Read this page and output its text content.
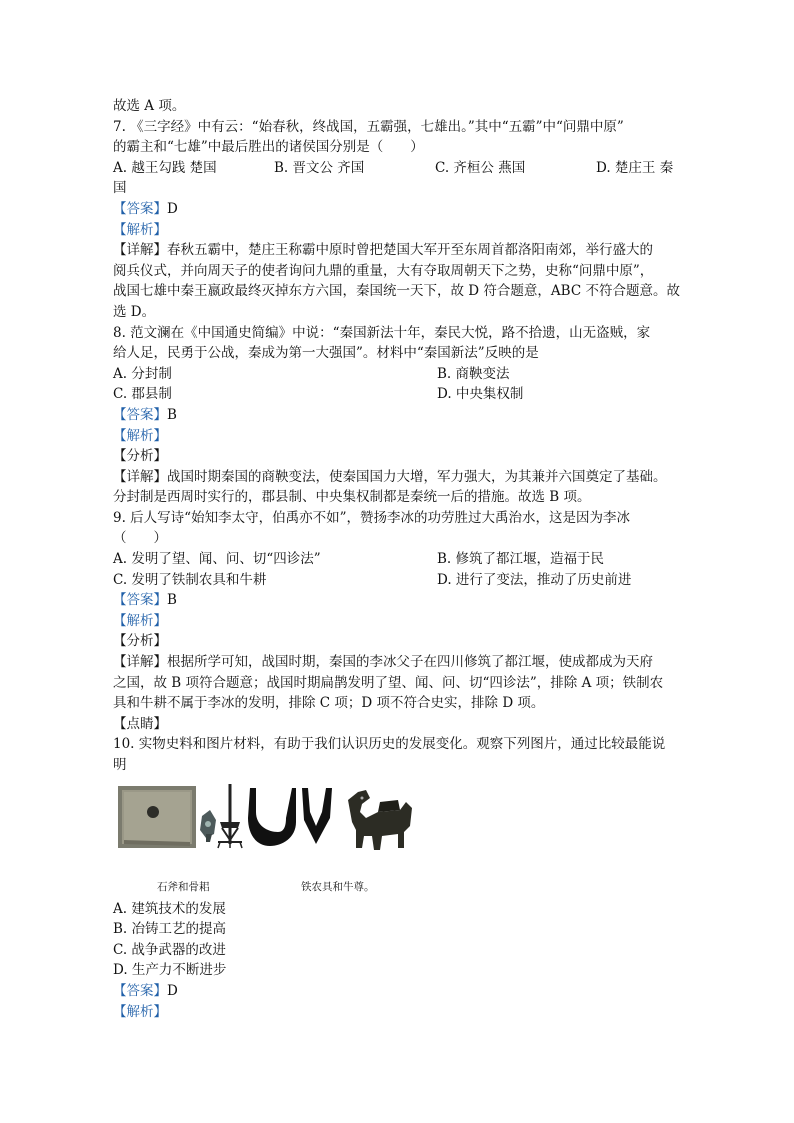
故选 A 项。
7. 《三字经》中有云：“始春秋，终战国，五霸强，七雄出。”其中“五霸”中“问鼎中原”
的霸主和“七雄”中最后胜出的诸侯国分别是（　　）
A. 越王勾践 楚国	B. 晋文公 齐国	C. 齐桓公 燕国	D. 楚庄王 秦
国
【答案】D
【解析】
【详解】春秋五霸中，楚庄王称霸中原时曾把楚国大军开至东周首都洛阳南郊，举行盛大的
阅兵仪式，并向周天子的使者询问九鼎的重量，大有夺取周朝天下之势，史称“问鼎中原”，
战国七雄中秦王嬴政最终灭掉东方六国，秦国统一天下，故 D 符合题意，ABC 不符合题意。故
选 D。
8. 范文澜在《中国通史简编》中说：“秦国新法十年，秦民大悦，路不拾遗，山无盗贼，家
给人足，民勇于公战，秦成为第一大强国”。材料中“秦国新法”反映的是
A. 分封制	B. 商鞅变法
C. 郡县制	D. 中央集权制
【答案】B
【解析】
【分析】
【详解】战国时期秦国的商鞅变法，使秦国国力大增，军力强大，为其兼并六国奠定了基础。
分封制是西周时实行的，郡县制、中央集权制都是秦统一后的措施。故选 B 项。
9. 后人写诗“始知李太守，伯禹亦不如”，赞扬李冰的功劳胜过大禹治水，这是因为李冰
（　　）
A. 发明了望、闻、问、切“四诊法”	B. 修筑了都江堰，造福于民
C. 发明了铁制农具和牛耕	D. 进行了变法，推动了历史前进
【答案】B
【解析】
【分析】
【详解】根据所学可知，战国时期，秦国的李冰父子在四川修筑了都江堰，使成都成为天府
之国，故 B 项符合题意；战国时期扁鹊发明了望、闻、问、切“四诊法”，排除 A 项；铁制农
具和牛耕不属于李冰的发明，排除 C 项；D 项不符合史实，排除 D 项。
【点睛】
10. 实物史料和图片材料，有助于我们认识历史的发展变化。观察下列图片，通过比较最能说
明
石斧和骨耜	铁农具和牛尊。
A. 建筑技术的发展
B. 冶铸工艺的提高
C. 战争武器的改进
D. 生产力不断进步
【答案】D
【解析】
